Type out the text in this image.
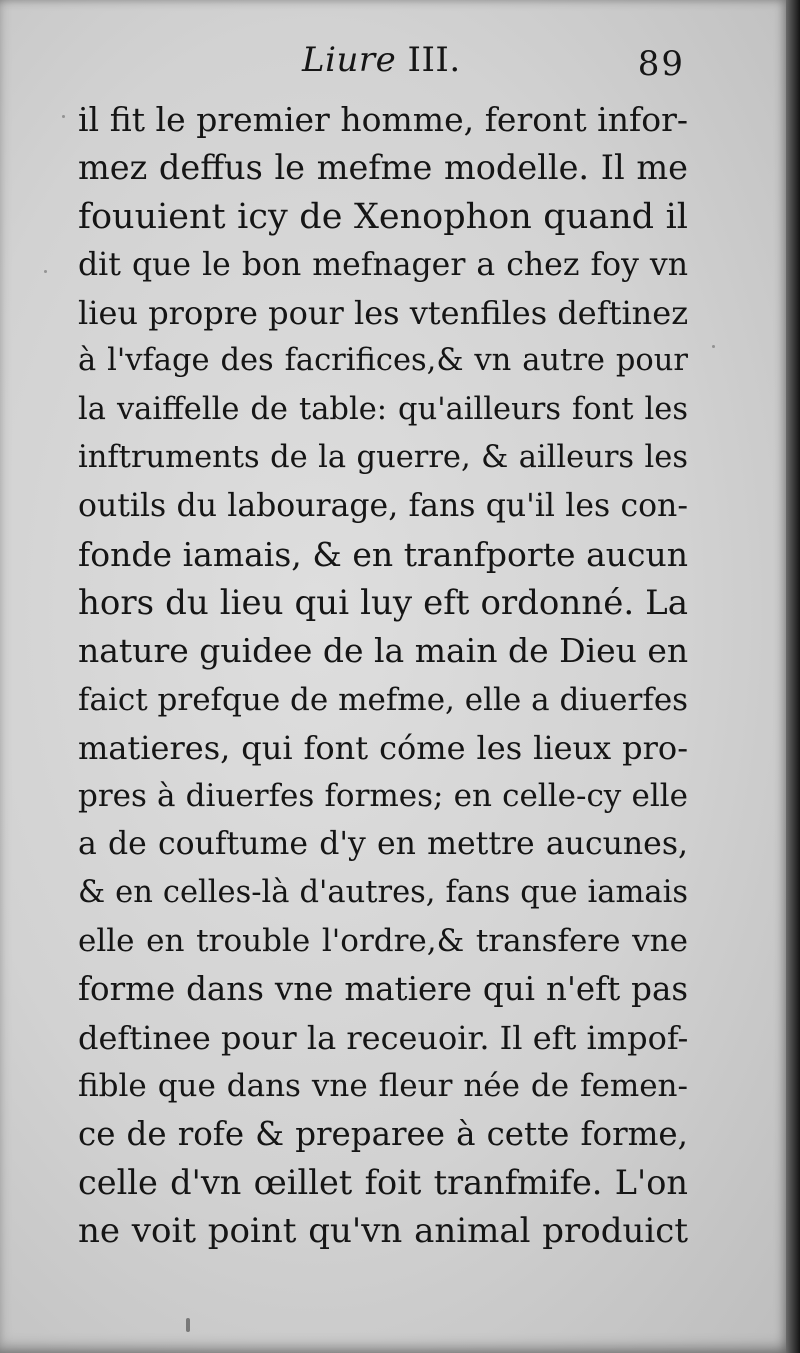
Liure III.	89
il fit le premier homme, feront infor-
mez deffus le mefme modelle. Il me
fouuient icy de Xenophon quand il
dit que le bon mefnager a chez foy vn
lieu propre pour les vtenfiles deftinez
à l'vfage des facrifices,& vn autre pour
la vaiffelle de table: qu'ailleurs font les
inftruments de la guerre, & ailleurs les
outils du labourage, fans qu'il les con-
fonde iamais, & en tranfporte aucun
hors du lieu qui luy eft ordonné. La
nature guidee de la main de Dieu en
faict prefque de mefme, elle a diuerfes
matieres, qui font cóme les lieux pro-
pres à diuerfes formes; en celle-cy elle
a de couftume d'y en mettre aucunes,
& en celles-là d'autres, fans que iamais
elle en trouble l'ordre,& transfere vne
forme dans vne matiere qui n'eft pas
deftinee pour la receuoir. Il eft impof-
fible que dans vne fleur née de femen-
ce de rofe & preparee à cette forme,
celle d'vn œillet foit tranfmife. L'on
ne voit point qu'vn animal produict
